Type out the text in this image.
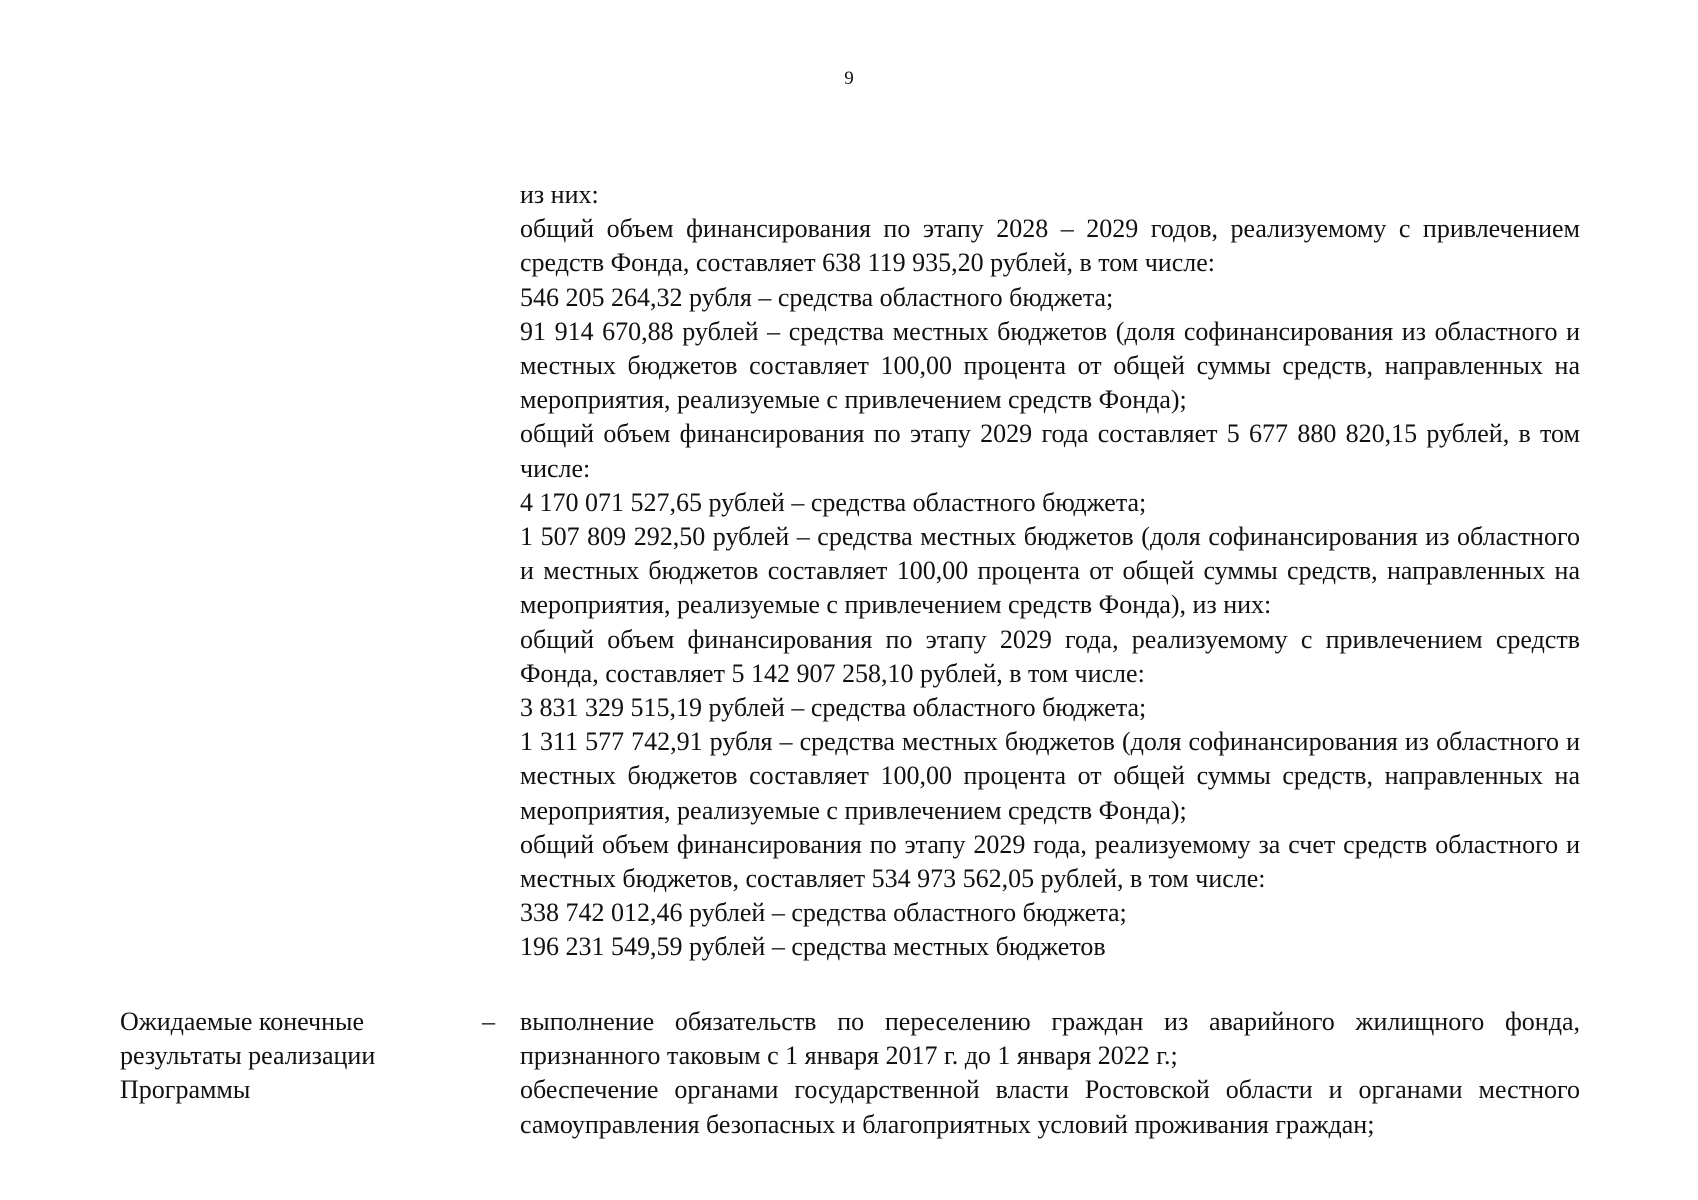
9

из них:

общий объем финансирования по этапу 2028 – 2029 годов, реализуемому с привлечением средств Фонда, составляет 638 119 935,20 рублей, в том числе:

546 205 264,32 рубля – средства областного бюджета;

91 914 670,88 рублей – средства местных бюджетов (доля софинансирования из областного и местных бюджетов составляет 100,00 процента от общей суммы средств, направленных на мероприятия, реализуемые с привлечением средств Фонда);

общий объем финансирования по этапу 2029 года составляет 5 677 880 820,15 рублей, в том числе:

4 170 071 527,65 рублей – средства областного бюджета;

1 507 809 292,50 рублей – средства местных бюджетов (доля софинансирования из областного и местных бюджетов составляет 100,00 процента от общей суммы средств, направленных на мероприятия, реализуемые с привлечением средств Фонда), из них:

общий объем финансирования по этапу 2029 года, реализуемому с привлечением средств Фонда, составляет 5 142 907 258,10 рублей, в том числе:

3 831 329 515,19 рублей – средства областного бюджета;

1 311 577 742,91 рубля – средства местных бюджетов (доля софинансирования из областного и местных бюджетов составляет 100,00 процента от общей суммы средств, направленных на мероприятия, реализуемые с привлечением средств Фонда);

общий объем финансирования по этапу 2029 года, реализуемому за счет средств областного и местных бюджетов, составляет 534 973 562,05 рублей, в том числе:

338 742 012,46 рублей – средства областного бюджета;

196 231 549,59 рублей – средства местных бюджетов

Ожидаемые конечные результаты реализации Программы

– выполнение обязательств по переселению граждан из аварийного жилищного фонда, признанного таковым с 1 января 2017 г. до 1 января 2022 г.;

обеспечение органами государственной власти Ростовской области и органами местного самоуправления безопасных и благоприятных условий проживания граждан;
